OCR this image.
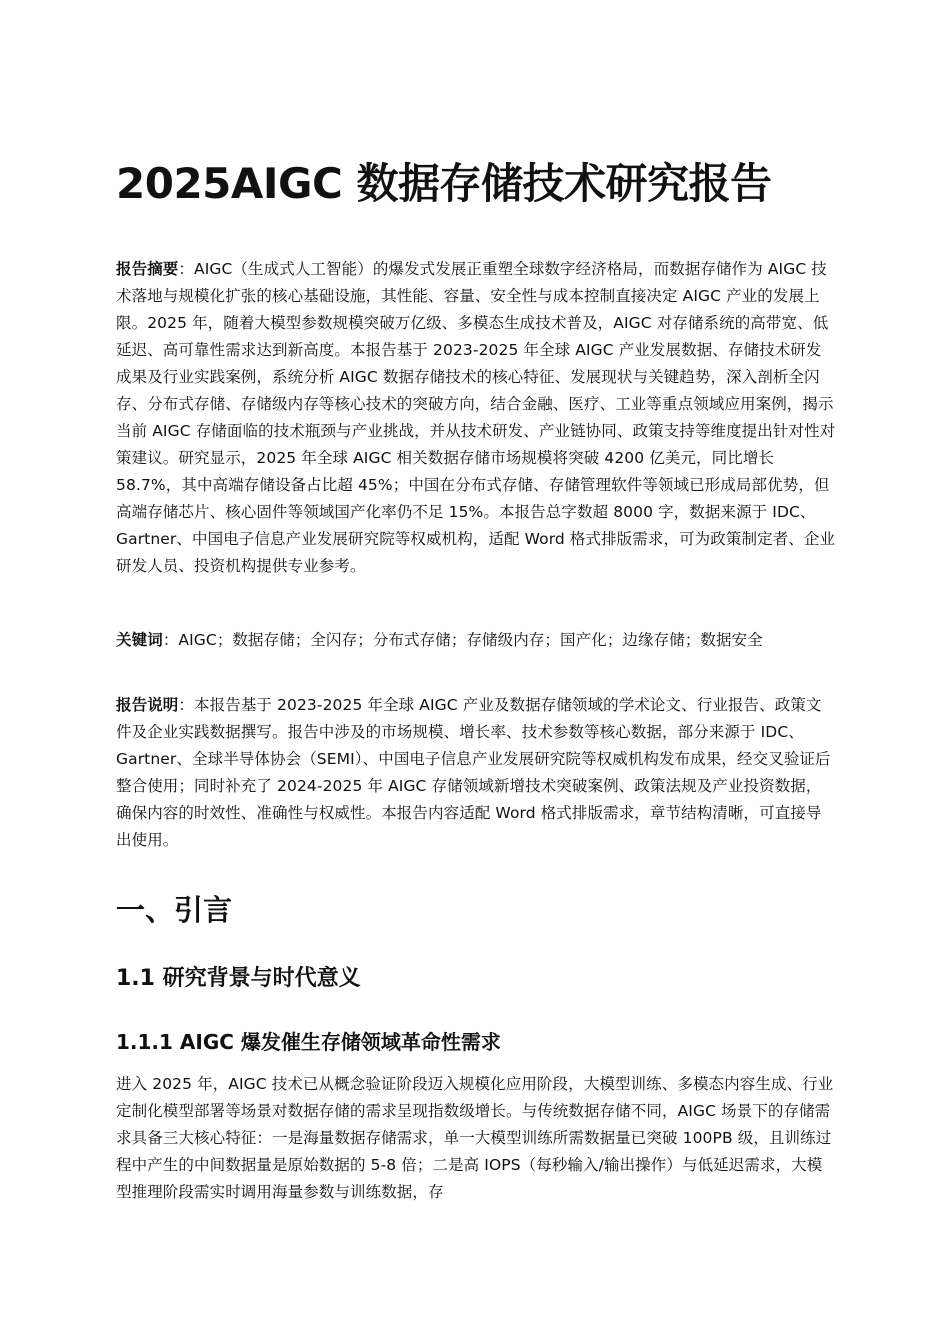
2025AIGC 数据存储技术研究报告

报告摘要：AIGC（生成式人工智能）的爆发式发展正重塑全球数字经济格局，而数据存储作为 AIGC 技术落地与规模化扩张的核心基础设施，其性能、容量、安全性与成本控制直接决定 AIGC 产业的发展上限。2025 年，随着大模型参数规模突破万亿级、多模态生成技术普及，AIGC 对存储系统的高带宽、低延迟、高可靠性需求达到新高度。本报告基于 2023-2025 年全球 AIGC 产业发展数据、存储技术研发成果及行业实践案例，系统分析 AIGC 数据存储技术的核心特征、发展现状与关键趋势，深入剖析全闪存、分布式存储、存储级内存等核心技术的突破方向，结合金融、医疗、工业等重点领域应用案例，揭示当前 AIGC 存储面临的技术瓶颈与产业挑战，并从技术研发、产业链协同、政策支持等维度提出针对性对策建议。研究显示，2025 年全球 AIGC 相关数据存储市场规模将突破 4200 亿美元，同比增长 58.7%，其中高端存储设备占比超 45%；中国在分布式存储、存储管理软件等领域已形成局部优势，但高端存储芯片、核心固件等领域国产化率仍不足 15%。本报告总字数超 8000 字，数据来源于 IDC、Gartner、中国电子信息产业发展研究院等权威机构，适配 Word 格式排版需求，可为政策制定者、企业研发人员、投资机构提供专业参考。

关键词：AIGC；数据存储；全闪存；分布式存储；存储级内存；国产化；边缘存储；数据安全

报告说明：本报告基于 2023-2025 年全球 AIGC 产业及数据存储领域的学术论文、行业报告、政策文件及企业实践数据撰写。报告中涉及的市场规模、增长率、技术参数等核心数据，部分来源于 IDC、Gartner、全球半导体协会（SEMI）、中国电子信息产业发展研究院等权威机构发布成果，经交叉验证后整合使用；同时补充了 2024-2025 年 AIGC 存储领域新增技术突破案例、政策法规及产业投资数据，确保内容的时效性、准确性与权威性。本报告内容适配 Word 格式排版需求，章节结构清晰，可直接导出使用。

一、引言
1.1 研究背景与时代意义
1.1.1 AIGC 爆发催生存储领域革命性需求

进入 2025 年，AIGC 技术已从概念验证阶段迈入规模化应用阶段，大模型训练、多模态内容生成、行业定制化模型部署等场景对数据存储的需求呈现指数级增长。与传统数据存储不同，AIGC 场景下的存储需求具备三大核心特征：一是海量数据存储需求，单一大模型训练所需数据量已突破 100PB 级，且训练过程中产生的中间数据量是原始数据的 5-8 倍；二是高 IOPS（每秒输入/输出操作）与低延迟需求，大模型推理阶段需实时调用海量参数与训练数据，存
